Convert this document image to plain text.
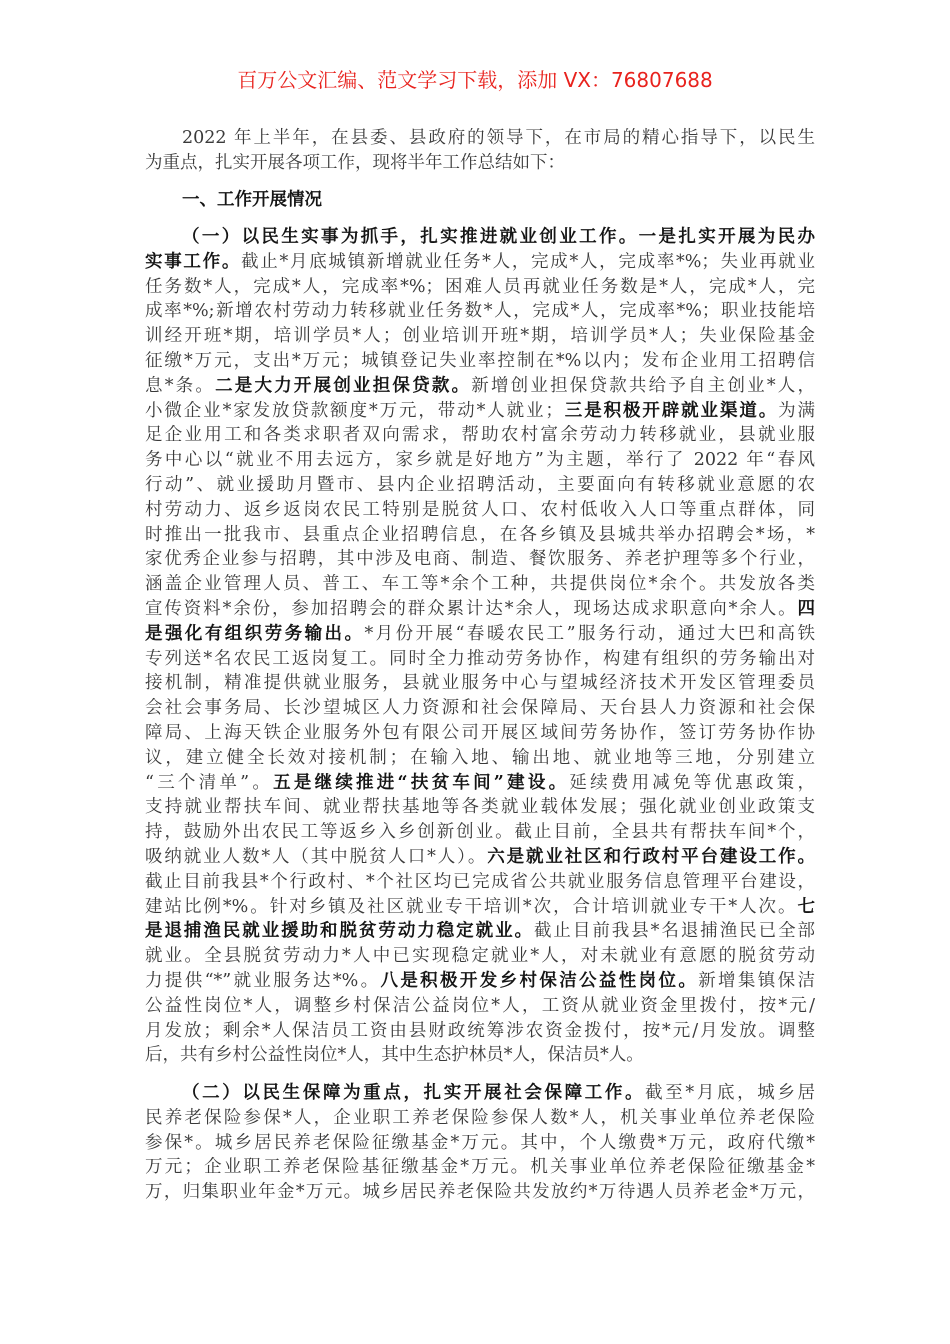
百万公文汇编、范文学习下载，添加 VX：76807688
2022 年上半年，在县委、县政府的领导下，在市局的精心指导下，以民生
为重点，扎实开展各项工作，现将半年工作总结如下：
一、工作开展情况
（一）以民生实事为抓手，扎实推进就业创业工作。一是扎实开展为民办
实事工作。截止*月底城镇新增就业任务*人，完成*人，完成率*%；失业再就业
任务数*人，完成*人，完成率*%；困难人员再就业任务数是*人，完成*人，完
成率*%;新增农村劳动力转移就业任务数*人，完成*人，完成率*%；职业技能培
训经开班*期，培训学员*人；创业培训开班*期，培训学员*人；失业保险基金
征缴*万元，支出*万元；城镇登记失业率控制在*%以内；发布企业用工招聘信
息*条。二是大力开展创业担保贷款。新增创业担保贷款共给予自主创业*人，
小微企业*家发放贷款额度*万元，带动*人就业；三是积极开辟就业渠道。为满
足企业用工和各类求职者双向需求，帮助农村富余劳动力转移就业，县就业服
务中心以“就业不用去远方，家乡就是好地方”为主题，举行了 2022 年“春风
行动”、就业援助月暨市、县内企业招聘活动，主要面向有转移就业意愿的农
村劳动力、返乡返岗农民工特别是脱贫人口、农村低收入人口等重点群体，同
时推出一批我市、县重点企业招聘信息，在各乡镇及县城共举办招聘会*场，*
家优秀企业参与招聘，其中涉及电商、制造、餐饮服务、养老护理等多个行业，
涵盖企业管理人员、普工、车工等*余个工种，共提供岗位*余个。共发放各类
宣传资料*余份，参加招聘会的群众累计达*余人，现场达成求职意向*余人。四
是强化有组织劳务输出。*月份开展“春暖农民工”服务行动，通过大巴和高铁
专列送*名农民工返岗复工。同时全力推动劳务协作，构建有组织的劳务输出对
接机制，精准提供就业服务，县就业服务中心与望城经济技术开发区管理委员
会社会事务局、长沙望城区人力资源和社会保障局、天台县人力资源和社会保
障局、上海天铁企业服务外包有限公司开展区域间劳务协作，签订劳务协作协
议，建立健全长效对接机制；在输入地、输出地、就业地等三地，分别建立
“三个清单”。五是继续推进“扶贫车间”建设。延续费用减免等优惠政策，
支持就业帮扶车间、就业帮扶基地等各类就业载体发展；强化就业创业政策支
持，鼓励外出农民工等返乡入乡创新创业。截止目前，全县共有帮扶车间*个，
吸纳就业人数*人（其中脱贫人口*人）。六是就业社区和行政村平台建设工作。
截止目前我县*个行政村、*个社区均已完成省公共就业服务信息管理平台建设，
建站比例*%。针对乡镇及社区就业专干培训*次，合计培训就业专干*人次。七
是退捕渔民就业援助和脱贫劳动力稳定就业。截止目前我县*名退捕渔民已全部
就业。全县脱贫劳动力*人中已实现稳定就业*人，对未就业有意愿的脱贫劳动
力提供“*”就业服务达*%。八是积极开发乡村保洁公益性岗位。新增集镇保洁
公益性岗位*人，调整乡村保洁公益岗位*人，工资从就业资金里拨付，按*元/
月发放；剩余*人保洁员工资由县财政统筹涉农资金拨付，按*元/月发放。调整
后，共有乡村公益性岗位*人，其中生态护林员*人，保洁员*人。
（二）以民生保障为重点，扎实开展社会保障工作。截至*月底，城乡居
民养老保险参保*人，企业职工养老保险参保人数*人，机关事业单位养老保险
参保*。城乡居民养老保险征缴基金*万元。其中，个人缴费*万元，政府代缴*
万元；企业职工养老保险基征缴基金*万元。机关事业单位养老保险征缴基金*
万，归集职业年金*万元。城乡居民养老保险共发放约*万待遇人员养老金*万元，
